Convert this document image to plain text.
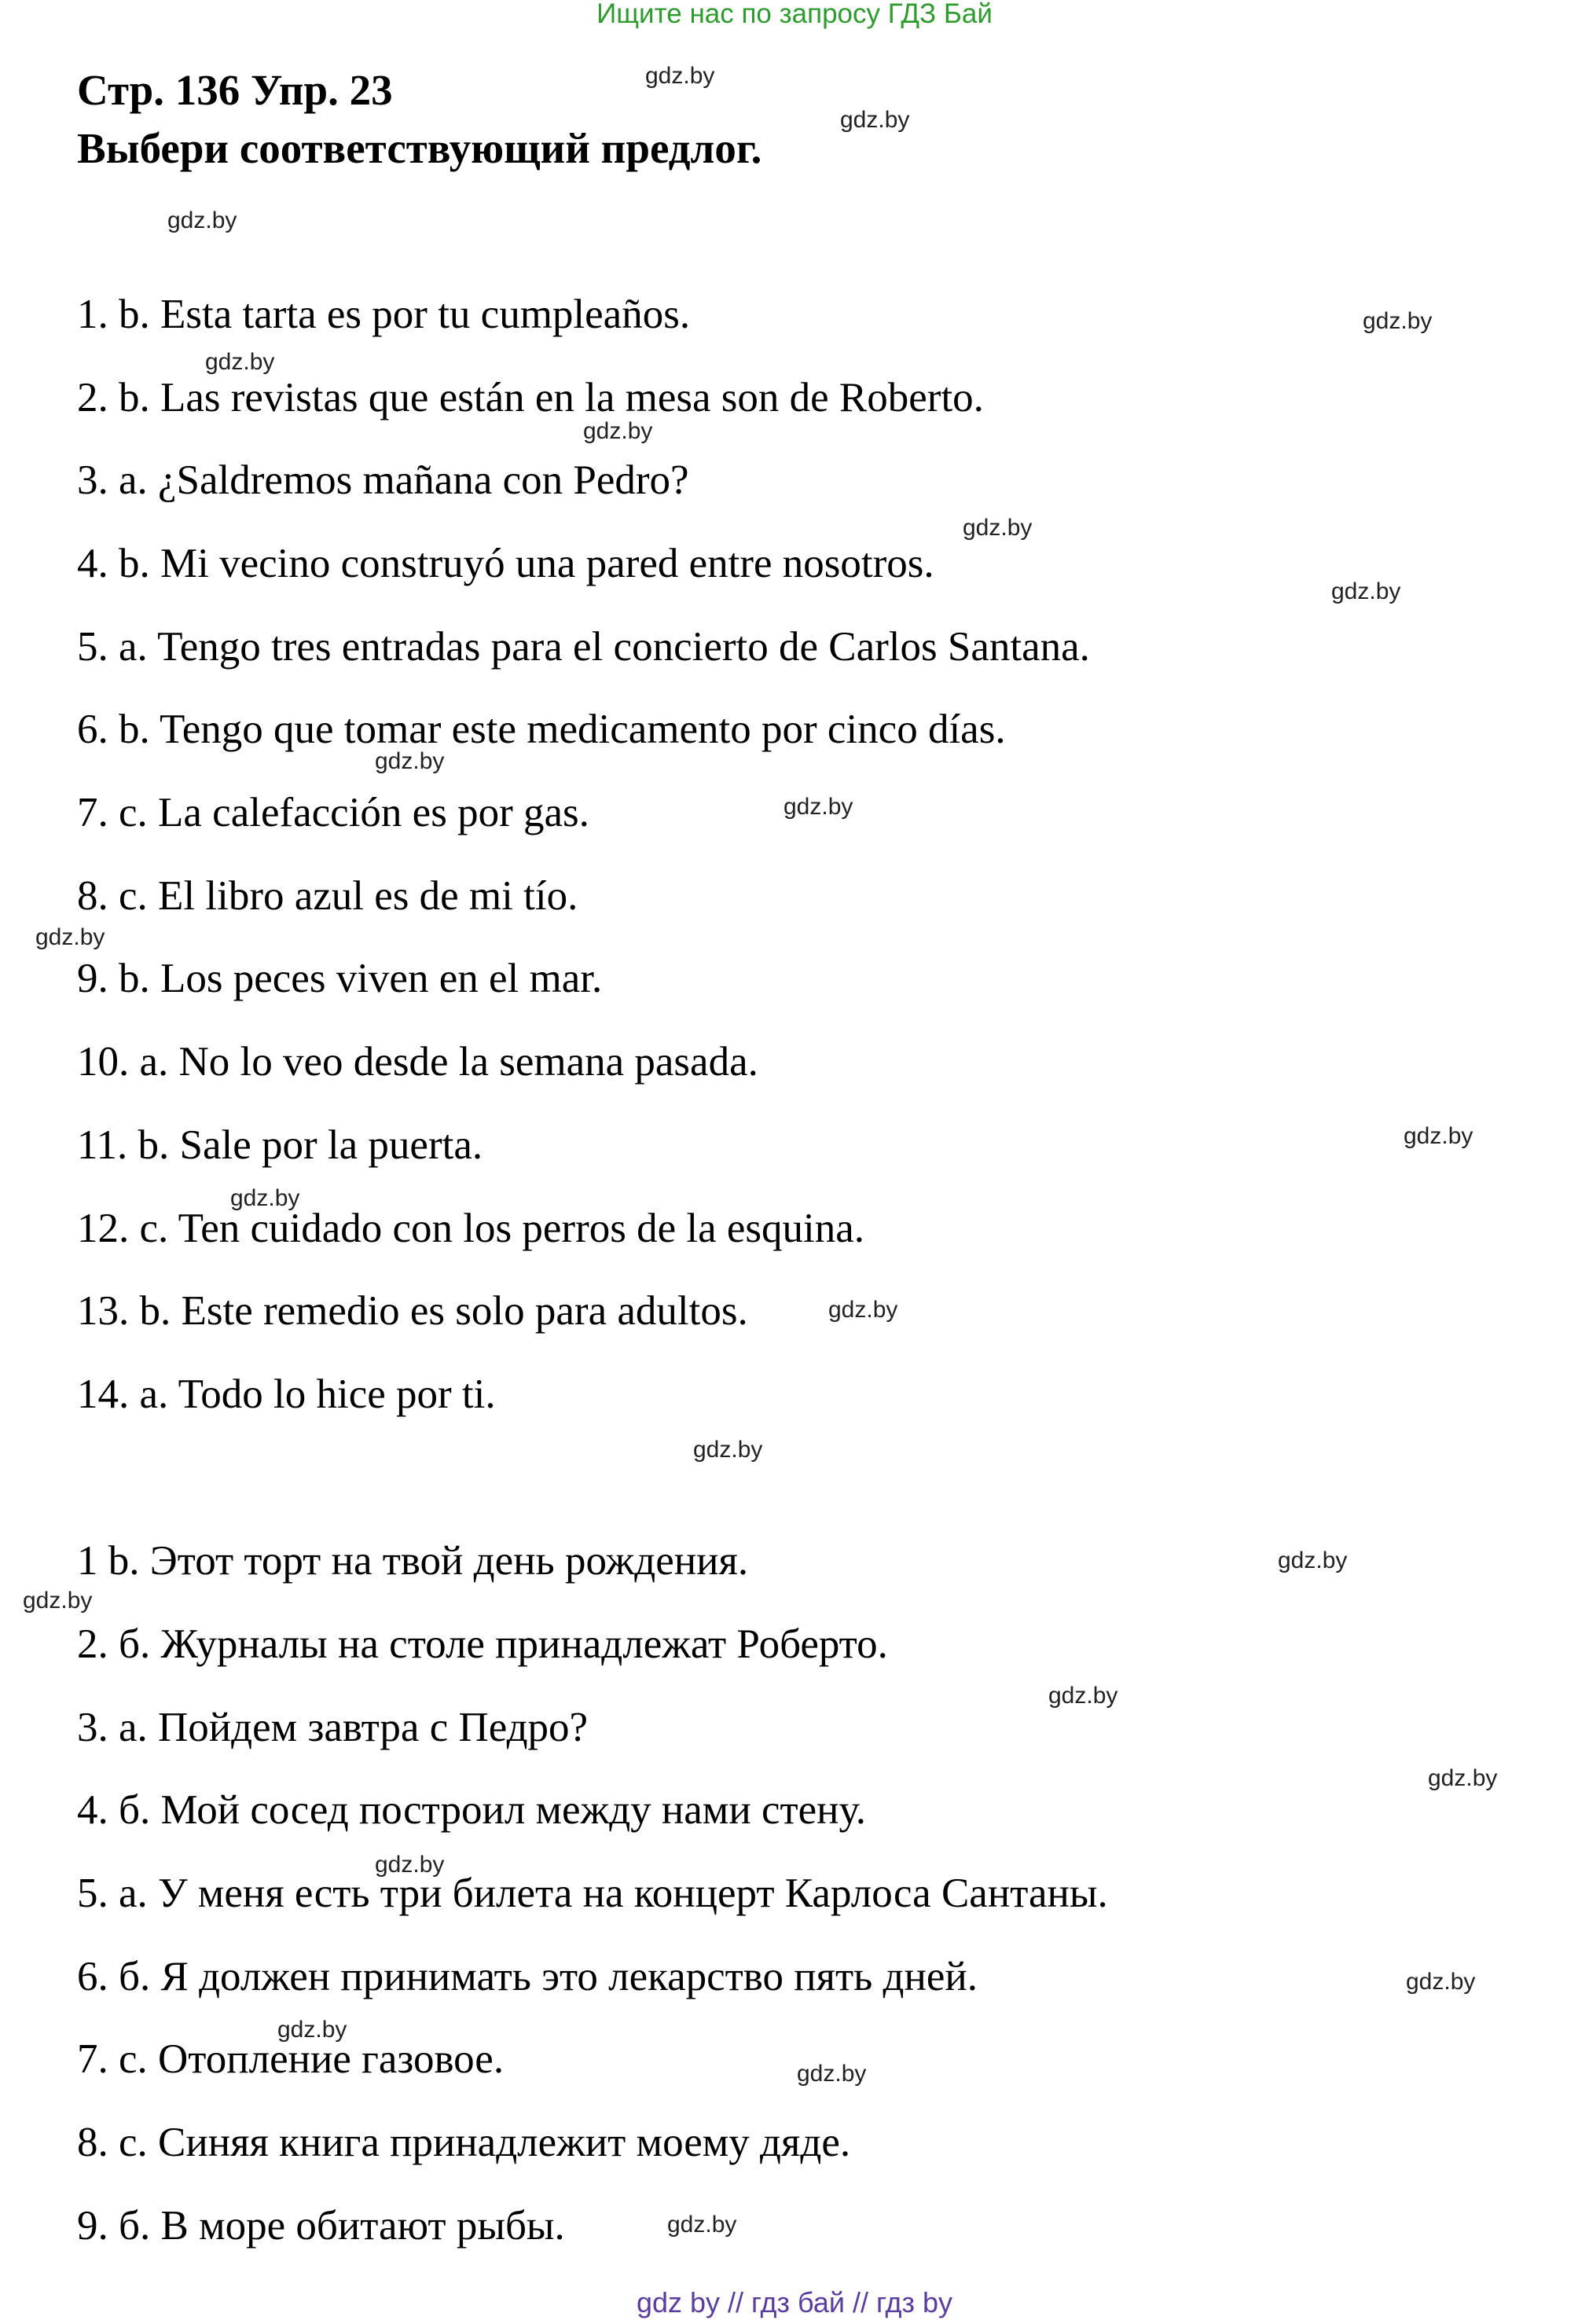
Ищите нас по запросу ГДЗ Бай
Стр. 136 Упр. 23
Выбери соответствующий предлог.
1. b. Esta tarta es por tu cumpleaños.
2. b. Las revistas que están en la mesa son de Roberto.
3. a. ¿Saldremos mañana con Pedro?
4. b. Mi vecino construyó una pared entre nosotros.
5. a. Tengo tres entradas para el concierto de Carlos Santana.
6. b. Tengo que tomar este medicamento por cinco días.
7. c. La calefacción es por gas.
8. c. El libro azul es de mi tío.
9. b. Los peces viven en el mar.
10. a. No lo veo desde la semana pasada.
11. b. Sale por la puerta.
12. c. Ten cuidado con los perros de la esquina.
13. b. Este remedio es solo para adultos.
14. a. Todo lo hice por ti.
1 b. Этот торт на твой день рождения.
2. б. Журналы на столе принадлежат Роберто.
3. а. Пойдем завтра с Педро?
4. б. Мой сосед построил между нами стену.
5. а. У меня есть три билета на концерт Карлоса Сантаны.
6. б. Я должен принимать это лекарство пять дней.
7. с. Отопление газовое.
8. с. Синяя книга принадлежит моему дяде.
9. б. В море обитают рыбы.
gdz.by
gdz.by
gdz.by
gdz.by
gdz.by
gdz.by
gdz.by
gdz.by
gdz.by
gdz.by
gdz.by
gdz.by
gdz.by
gdz.by
gdz.by
gdz.by
gdz.by
gdz.by
gdz.by
gdz.by
gdz.by
gdz.by
gdz.by
gdz.by
gdz by // гдз бай // гдз by
